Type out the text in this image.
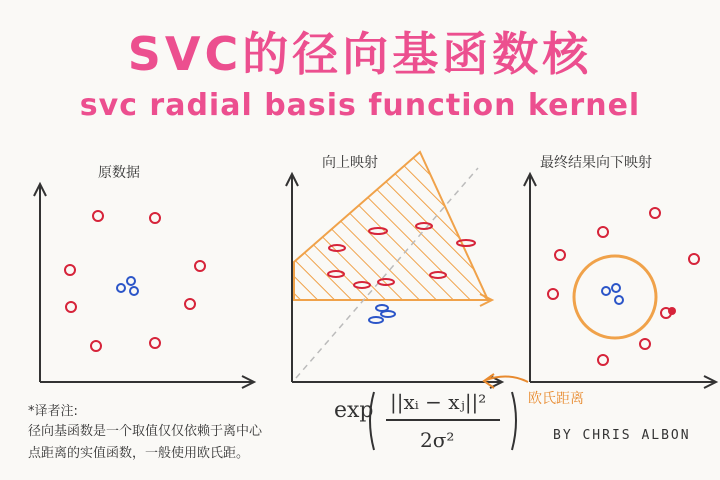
SVC的径向基函数核
svc radial basis function kernel
原数据
向上映射	最终结果向下映射
*译者注:
径向基函数是一个取值仅仅依赖于离中心
点距离的实值函数，一般使用欧氏距。
exp ||xᵢ − xⱼ||²
2σ²
欧氏距离
BY CHRIS ALBON
